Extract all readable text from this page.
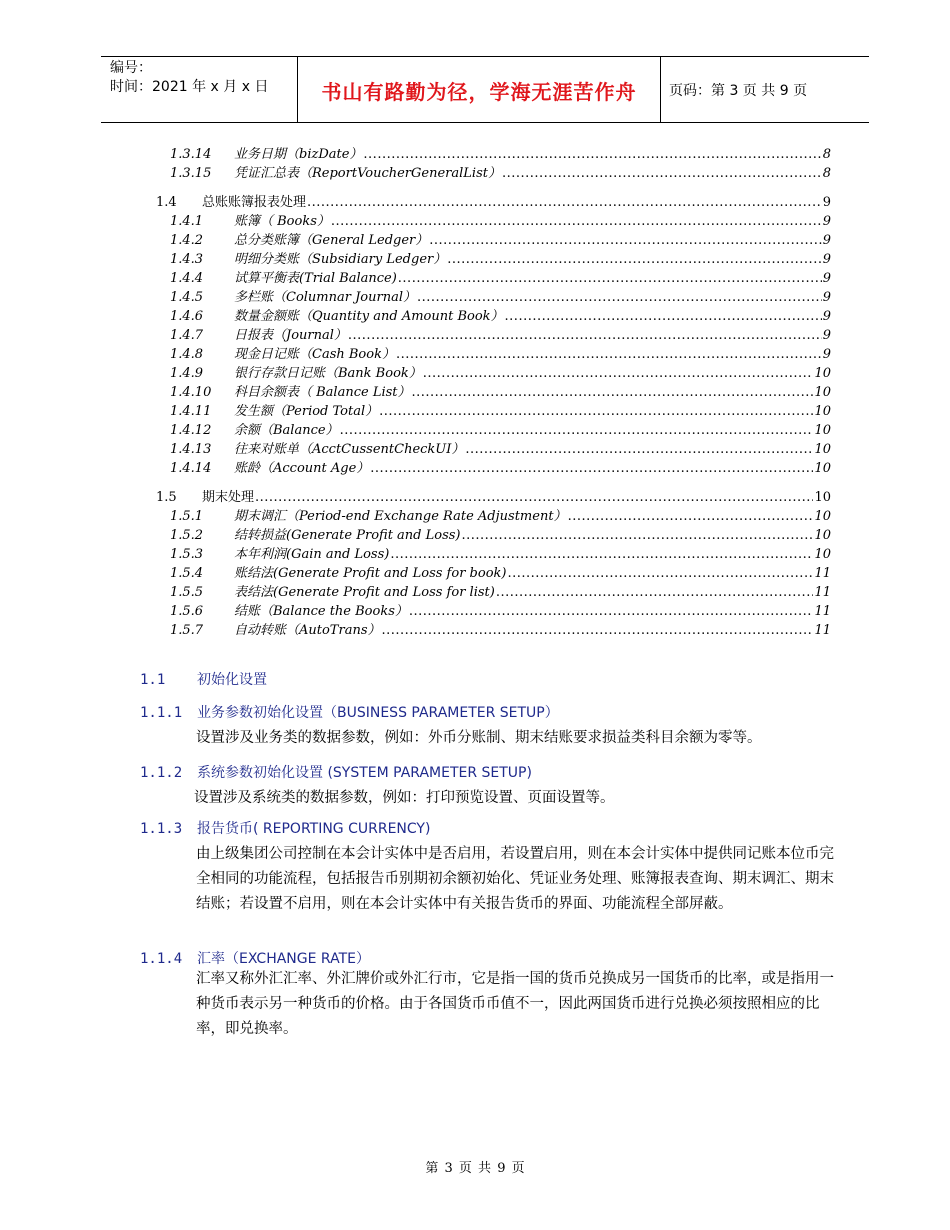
编号：
时间：2021 年 x 月 x 日	书山有路勤为径，学海无涯苦作舟	页码：第 3 页 共 9 页
1.3.14	业务日期（bizDate） .....	8
1.3.15	凭证汇总表（ReportVoucherGeneralList） .....	8
1.4	总账账簿报表处理 .....	9
1.4.1	账簿（ Books） .....	9
1.4.2	总分类账簿（General Ledger） .....	9
1.4.3	明细分类账（Subsidiary Ledger） .....	9
1.4.4	试算平衡表(Trial Balance) .....	9
1.4.5	多栏账（Columnar Journal） .....	9
1.4.6	数量金额账（Quantity and Amount Book） .....	9
1.4.7	日报表（Journal） .....	9
1.4.8	现金日记账（Cash Book） .....	9
1.4.9	银行存款日记账（Bank Book） .....	10
1.4.10	科目余额表（ Balance List） .....	10
1.4.11	发生额（Period Total） .....	10
1.4.12	余额（Balance） .....	10
1.4.13	往来对账单（AcctCussentCheckUI） .....	10
1.4.14	账龄（Account Age） .....	10
1.5	期末处理 .....	10
1.5.1	期末调汇（Period-end Exchange Rate Adjustment） .....	10
1.5.2	结转损益(Generate Profit and Loss) .....	10
1.5.3	本年利润(Gain and Loss) .....	10
1.5.4	账结法(Generate Profit and Loss for book) .....	11
1.5.5	表结法(Generate Profit and Loss for list) .....	11
1.5.6	结账（Balance the Books） .....	11
1.5.7	自动转账（AutoTrans） .....	11
1.1 初始化设置
1.1.1 业务参数初始化设置（BUSINESS PARAMETER SETUP）
设置涉及业务类的数据参数，例如：外币分账制、期末结账要求损益类科目余额为零等。
1.1.2 系统参数初始化设置 (SYSTEM PARAMETER SETUP)
设置涉及系统类的数据参数，例如：打印预览设置、页面设置等。
1.1.3 报告货币( REPORTING CURRENCY)
由上级集团公司控制在本会计实体中是否启用，若设置启用，则在本会计实体中提供同记账本位币完全相同的功能流程，包括报告币别期初余额初始化、凭证业务处理、账簿报表查询、期末调汇、期末结账；若设置不启用，则在本会计实体中有关报告货币的界面、功能流程全部屏蔽。
1.1.4 汇率（EXCHANGE RATE）
汇率又称外汇汇率、外汇牌价或外汇行市，它是指一国的货币兑换成另一国货币的比率，或是指用一种货币表示另一种货币的价格。由于各国货币币值不一，因此两国货币进行兑换必须按照相应的比率，即兑换率。
第 3 页 共 9 页
